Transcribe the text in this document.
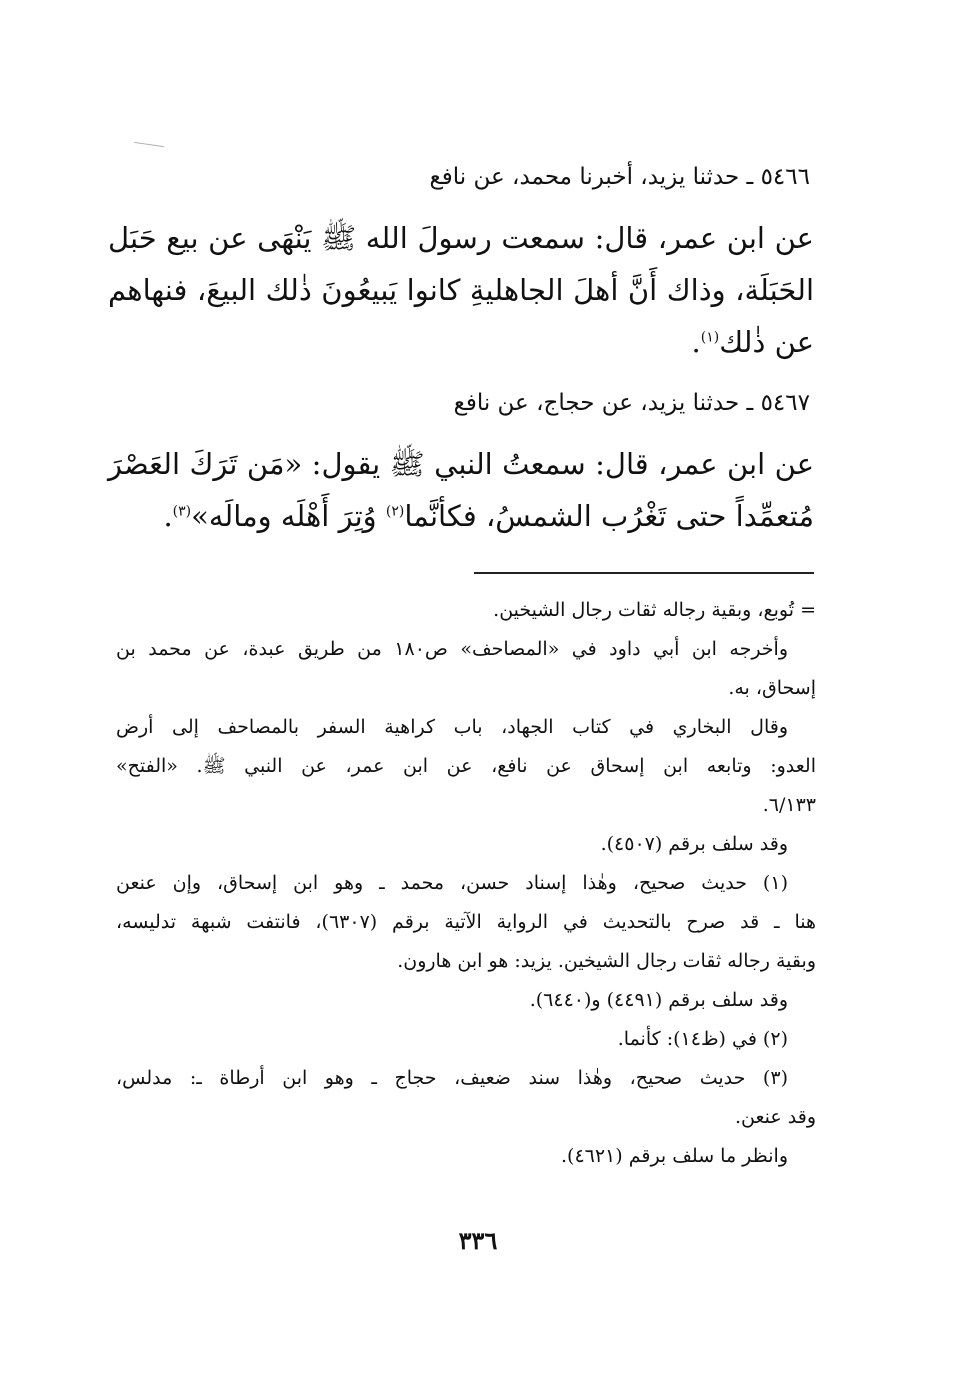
٥٤٦٦ ـ حدثنا يزيد، أخبرنا محمد، عن نافع
عن ابن عمر، قال: سمعت رسولَ الله ﷺ يَنْهَى عن بيع حَبَل
الحَبَلَة، وذاك أَنَّ أهلَ الجاهليةِ كانوا يَبيعُونَ ذٰلك البيعَ، فنهاهم
عن ذٰلك$^{(١)}$.
٥٤٦٧ ـ حدثنا يزيد، عن حجاج، عن نافع
عن ابن عمر، قال: سمعتُ النبي ﷺ يقول: «مَن تَرَكَ العَصْرَ
مُتعمِّداً حتى تَغْرُب الشمسُ، فكأنَّما$^{(٢)}$ وُتِرَ أَهْلَه ومالَه»$^{(٣)}$.
= تُوبع، وبقية رجاله ثقات رجال الشيخين.
وأخرجه ابن أبي داود في «المصاحف» ص١٨٠ من طريق عبدة، عن محمد بن
إسحاق، به.
وقال البخاري في كتاب الجهاد، باب كراهية السفر بالمصاحف إلى أرض
العدو: وتابعه ابن إسحاق عن نافع، عن ابن عمر، عن النبي ﷺ. «الفتح»
٦/١٣٣.
وقد سلف برقم (٤٥٠٧).
(١) حديث صحيح، وهٰذا إسناد حسن، محمد ـ وهو ابن إسحاق، وإن عنعن
هنا ـ قد صرح بالتحديث في الرواية الآتية برقم (٦٣٠٧)، فانتفت شبهة تدليسه،
وبقية رجاله ثقات رجال الشيخين. يزيد: هو ابن هارون.
وقد سلف برقم (٤٤٩١) و(٦٤٤٠).
(٢) في (ظ١٤): كأنما.
(٣) حديث صحيح، وهٰذا سند ضعيف، حجاج ـ وهو ابن أرطاة ـ: مدلس،
وقد عنعن.
وانظر ما سلف برقم (٤٦٢١).
٣٣٦
